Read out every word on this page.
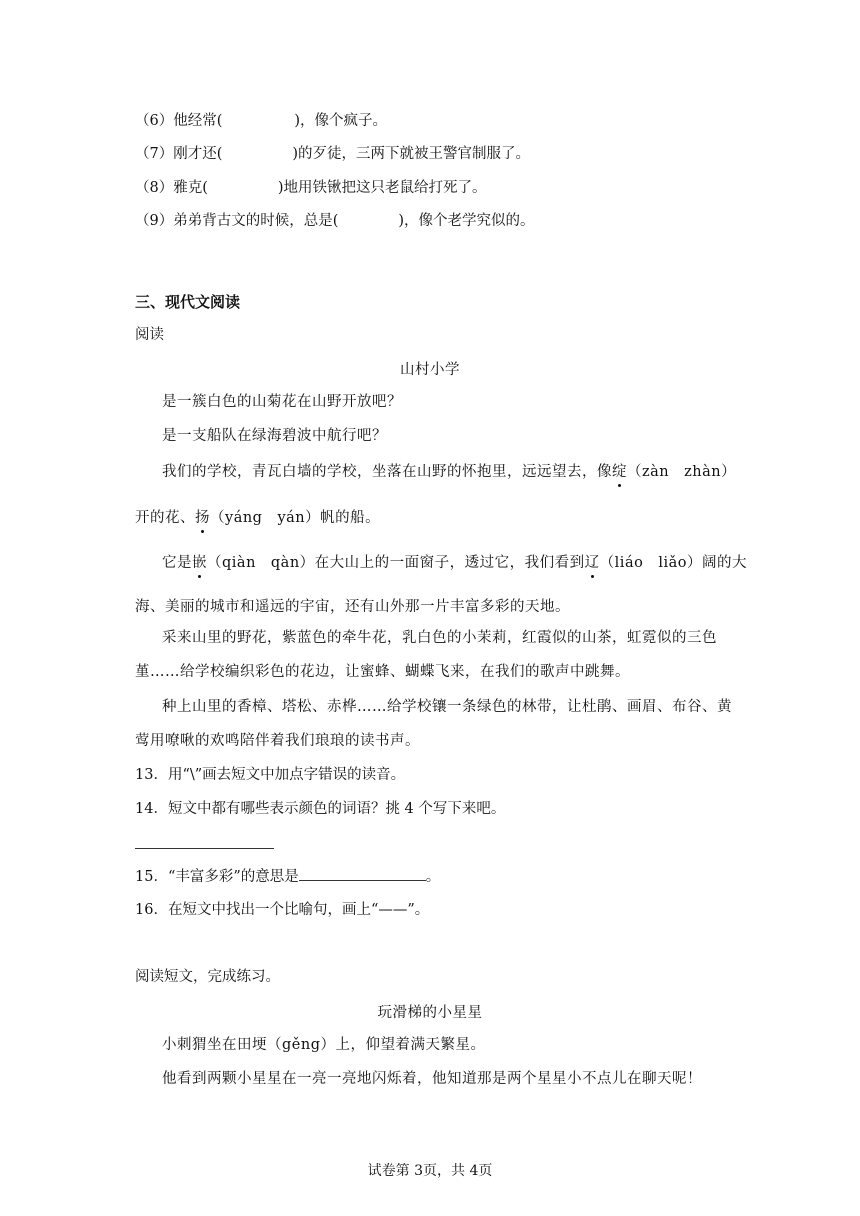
（6）他经常(	)，像个疯子。
（7）刚才还(	)的歹徒，三两下就被王警官制服了。
（8）雅克(	)地用铁锹把这只老鼠给打死了。
（9）弟弟背古文的时候，总是(	)，像个老学究似的。
三、现代文阅读
阅读
山村小学
是一簇白色的山菊花在山野开放吧？
是一支船队在绿海碧波中航行吧？
我们的学校，青瓦白墙的学校，坐落在山野的怀抱里，远远望去，像绽（zàn　zhàn）
开的花、扬（yáng　yán）帆的船。
它是嵌（qiàn　qàn）在大山上的一面窗子，透过它，我们看到辽（liáo　liǎo）阔的大
海、美丽的城市和遥远的宇宙，还有山外那一片丰富多彩的天地。
采来山里的野花，紫蓝色的牵牛花，乳白色的小茉莉，红霞似的山茶，虹霓似的三色
堇……给学校编织彩色的花边，让蜜蜂、蝴蝶飞来，在我们的歌声中跳舞。
种上山里的香樟、塔松、赤桦……给学校镶一条绿色的林带，让杜鹃、画眉、布谷、黄
莺用嘹啾的欢鸣陪伴着我们琅琅的读书声。
13．用“\”画去短文中加点字错误的读音。
14．短文中都有哪些表示颜色的词语？挑 4 个写下来吧。
15．“丰富多彩”的意思是	。
16．在短文中找出一个比喻句，画上“——”。
阅读短文，完成练习。
玩滑梯的小星星
小刺猬坐在田埂（gěng）上，仰望着满天繁星。
他看到两颗小星星在一亮一亮地闪烁着，他知道那是两个星星小不点儿在聊天呢！
试卷第 3页，共 4页
